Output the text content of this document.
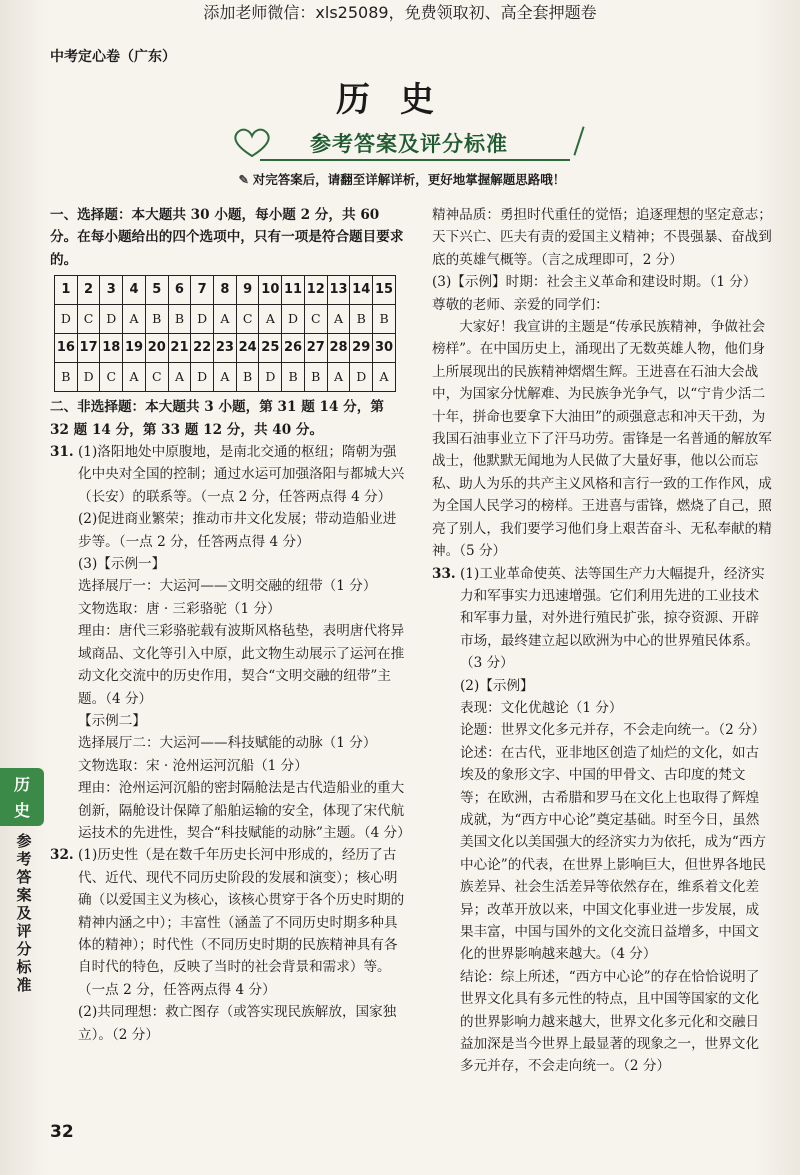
添加老师微信：xls25089，免费领取初、高全套押题卷
中考定心卷（广东）
历史
参考答案及评分标准
✎ 对完答案后，请翻至详解详析，更好地掌握解题思路哦！
一、选择题：本大题共 30 小题，每小题 2 分，共 60 分。在每小题给出的四个选项中，只有一项是符合题目要求的。
1	2	3	4	5	6	7	8	9	10	11	12	13	14	15
D	C	D	A	B	B	D	A	C	A	D	C	A	B	B
16	17	18	19	20	21	22	23	24	25	26	27	28	29	30
B	D	C	A	C	A	D	A	B	D	B	B	A	D	A
二、非选择题：本大题共 3 小题，第 31 题 14 分，第 32 题 14 分，第 33 题 12 分，共 40 分。
31. (1)洛阳地处中原腹地，是南北交通的枢纽；隋朝为强化中央对全国的控制；通过水运可加强洛阳与都城大兴（长安）的联系等。（一点 2 分，任答两点得 4 分）
(2)促进商业繁荣；推动市井文化发展；带动造船业进步等。（一点 2 分，任答两点得 4 分）
(3)【示例一】
选择展厅一：大运河——文明交融的纽带（1 分）
文物选取：唐 · 三彩骆驼（1 分）
理由：唐代三彩骆驼载有波斯风格毡垫，表明唐代将异域商品、文化等引入中原，此文物生动展示了运河在推动文化交流中的历史作用，契合“文明交融的纽带”主题。（4 分）
【示例二】
选择展厅二：大运河——科技赋能的动脉（1 分）
文物选取：宋 · 沧州运河沉船（1 分）
理由：沧州运河沉船的密封隔舱法是古代造船业的重大创新，隔舱设计保障了船舶运输的安全，体现了宋代航运技术的先进性，契合“科技赋能的动脉”主题。（4 分）
32. (1)历史性（是在数千年历史长河中形成的，经历了古代、近代、现代不同历史阶段的发展和演变）；核心明确（以爱国主义为核心，该核心贯穿于各个历史时期的精神内涵之中）；丰富性（涵盖了不同历史时期多种具体的精神）；时代性（不同历史时期的民族精神具有各自时代的特色，反映了当时的社会背景和需求）等。（一点 2 分，任答两点得 4 分）
(2)共同理想：救亡图存（或答实现民族解放，国家独立）。（2 分）
精神品质：勇担时代重任的觉悟；追逐理想的坚定意志；天下兴亡、匹夫有责的爱国主义精神；不畏强暴、奋战到底的英雄气概等。（言之成理即可，2 分）
(3)【示例】时期：社会主义革命和建设时期。（1 分）
尊敬的老师、亲爱的同学们：
大家好！我宣讲的主题是“传承民族精神，争做社会榜样”。在中国历史上，涌现出了无数英雄人物，他们身上所展现出的民族精神熠熠生辉。王进喜在石油大会战中，为国家分忧解难、为民族争光争气，以“宁肯少活二十年，拼命也要拿下大油田”的顽强意志和冲天干劲，为我国石油事业立下了汗马功劳。雷锋是一名普通的解放军战士，他默默无闻地为人民做了大量好事，他以公而忘私、助人为乐的共产主义风格和言行一致的工作作风，成为全国人民学习的榜样。王进喜与雷锋，燃烧了自己，照亮了别人，我们要学习他们身上艰苦奋斗、无私奉献的精神。（5 分）
33. (1)工业革命使英、法等国生产力大幅提升，经济实力和军事实力迅速增强。它们利用先进的工业技术和军事力量，对外进行殖民扩张，掠夺资源、开辟市场，最终建立起以欧洲为中心的世界殖民体系。（3 分）
(2)【示例】
表现：文化优越论（1 分）
论题：世界文化多元并存，不会走向统一。（2 分）
论述：在古代，亚非地区创造了灿烂的文化，如古埃及的象形文字、中国的甲骨文、古印度的梵文等；在欧洲，古希腊和罗马在文化上也取得了辉煌成就，为“西方中心论”奠定基础。时至今日，虽然美国文化以美国强大的经济实力为依托，成为“西方中心论”的代表，在世界上影响巨大，但世界各地民族差异、社会生活差异等依然存在，维系着文化差异；改革开放以来，中国文化事业进一步发展，成果丰富，中国与国外的文化交流日益增多，中国文化的世界影响越来越大。（4 分）
结论：综上所述，“西方中心论”的存在恰恰说明了世界文化具有多元性的特点，且中国等国家的文化的世界影响力越来越大，世界文化多元化和交融日益加深是当今世界上最显著的现象之一，世界文化多元并存，不会走向统一。（2 分）
历
史
参
考
答
案
及
评
分
标
准
32
